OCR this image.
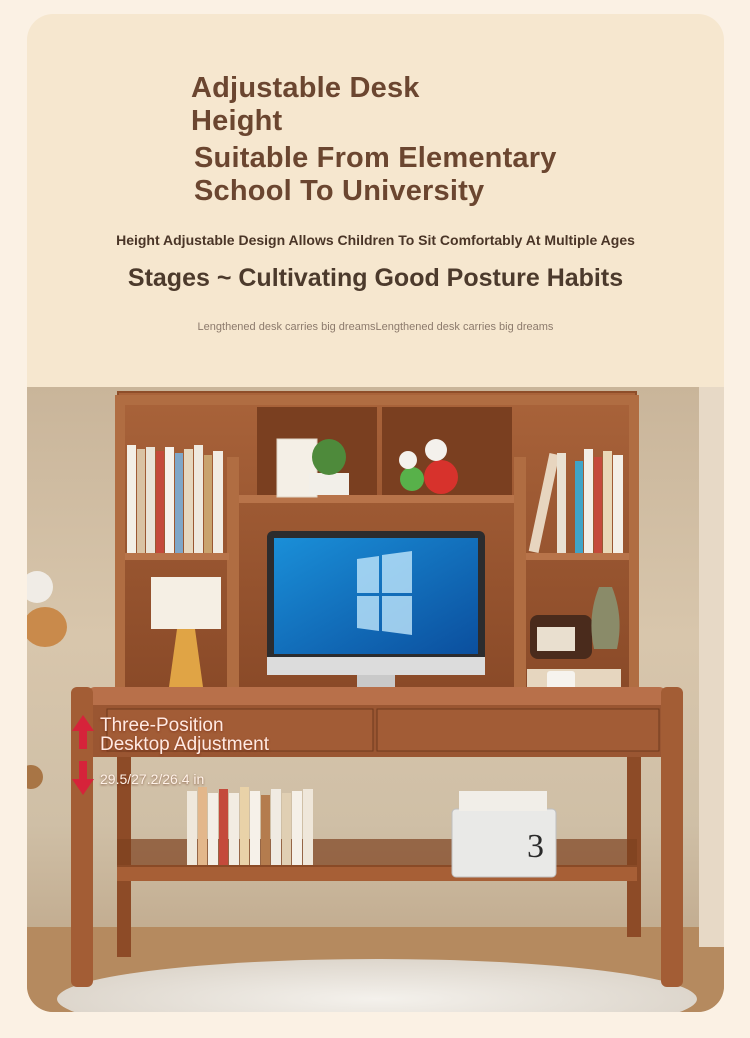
Adjustable Desk
Height
Suitable From Elementary
School To University
Height Adjustable Design Allows Children To Sit Comfortably At Multiple Ages
Stages ~ Cultivating Good Posture Habits
Lengthened desk carries big dreamsLengthened desk carries big dreams
3
Three-Position
Desktop Adjustment
29.5/27.2/26.4 in
